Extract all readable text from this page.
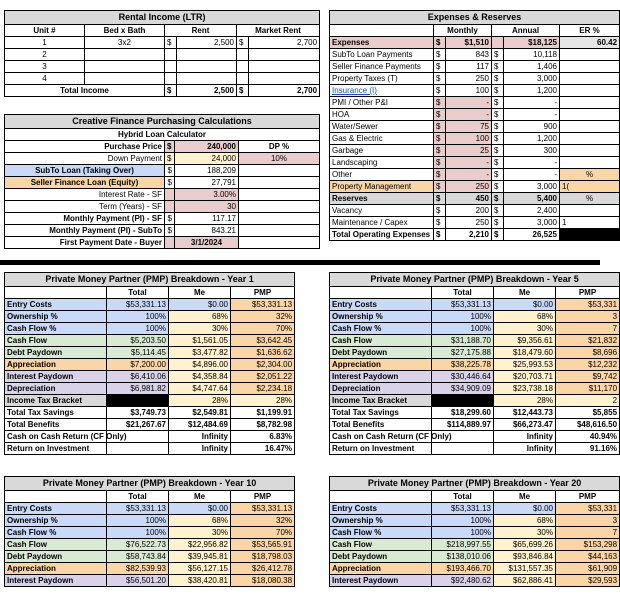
Rental Income (LTR)					
Unit #	Bed x Bath	Rent		Market Rent	
1	3x2	$	2,500	$	2,700
2					
3					
4					
Total Income		$	2,500	$	2,700
Creative Finance Purchasing Calculations			
Hybrid Loan Calculator			
Purchase Price	$	240,000	DP %
Down Payment	$	24,000	10%
SubTo Loan (Taking Over)	$	188,209	
Seller Finance Loan (Equity)	$	27,791	
Interest Rate - SF		3.00%	
Term (Years) - SF		30	
Monthly Payment (PI) - SF	$	117.17	
Monthly Payment (PI) - SubTo	$	843.21	
First Payment Date - Buyer		3/1/2024	
Expenses & Reserves					
	Monthly		Annual		ER %
Expenses	$	$1,510		$18,125	60.42
SubTo Loan Payments	$	843	$	10,118	
Seller Finance Payments	$	117	$	1,406	
Property Taxes (T)	$	250	$	3,000	
Insurance (I)	$	100	$	1,200	
PMI / Other P&I	$	-	$	-	
HOA	$	-	$	-	
Water/Sewer	$	75	$	900	
Gas & Electric	$	100	$	1,200	
Garbage	$	25	$	300	
Landscaping	$	-	$	-	
Other	$	-	$	-	%
Property Management	$	250	$	3,000	1(
Reserves	$	450	$	5,400	%
Vacancy	$	200	$	2,400	
Maintenance / Capex	$	250	$	3,000	1
Total Operating Expenses	$	2,210	$	26,525	
Private Money Partner (PMP) Breakdown - Year 1			
	Total	Me	PMP
Entry Costs	$53,331.13	$0.00	$53,331.13
Ownership %	100%	68%	32%
Cash Flow %	100%	30%	70%
Cash Flow	$5,203.50	$1,561.05	$3,642.45
Debt Paydown	$5,114.45	$3,477.82	$1,636.62
Appreciation	$7,200.00	$4,896.00	$2,304.00
Interest Paydown	$6,410.06	$4,358.84	$2,051.22
Depreciation	$6,981.82	$4,747.64	$2,234.18
Income Tax Bracket		28%	28%
Total Tax Savings	$3,749.73	$2,549.81	$1,199.91
Total Benefits	$21,267.67	$12,484.69	$8,782.98
Cash on Cash Return (CF Only)		Infinity	6.83%
Return on Investment		Infinity	16.47%
Private Money Partner (PMP) Breakdown - Year 5			
	Total	Me	PMP
Entry Costs	$53,331.13	$0.00	$53,331
Ownership %	100%	68%	3
Cash Flow %	100%	30%	7
Cash Flow	$31,188.70	$9,356.61	$21,832
Debt Paydown	$27,175.88	$18,479.60	$8,696
Appreciation	$38,225.78	$25,993.53	$12,232
Interest Paydown	$30,446.64	$20,703.71	$9,742
Depreciation	$34,909.09	$23,738.18	$11,170
Income Tax Bracket		28%	2
Total Tax Savings	$18,299.60	$12,443.73	$5,855
Total Benefits	$114,889.97	$66,273.47	$48,616.50
Cash on Cash Return (CF Only)		Infinity	40.94%
Return on Investment		Infinity	91.16%
Private Money Partner (PMP) Breakdown - Year 10			
	Total	Me	PMP
Entry Costs	$53,331.13	$0.00	$53,331.13
Ownership %	100%	68%	32%
Cash Flow %	100%	30%	70%
Cash Flow	$76,522.73	$22,956.82	$53,565.91
Debt Paydown	$58,743.84	$39,945.81	$18,798.03
Appreciation	$82,539.93	$56,127.15	$26,412.78
Interest Paydown	$56,501.20	$38,420.81	$18,080.38
Private Money Partner (PMP) Breakdown - Year 20			
	Total	Me	PMP
Entry Costs	$53,331.13	$0.00	$53,331
Ownership %	100%	68%	3
Cash Flow %	100%	30%	7
Cash Flow	$218,997.55	$65,699.26	$153,298
Debt Paydown	$138,010.06	$93,846.84	$44,163
Appreciation	$193,466.70	$131,557.35	$61,909
Interest Paydown	$92,480.62	$62,886.41	$29,593
